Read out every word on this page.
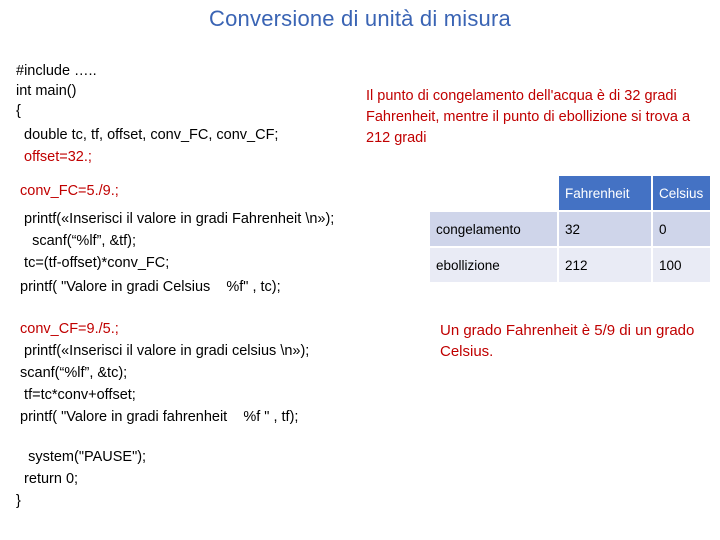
Conversione di unità di misura
#include …..
int main()
{
double tc, tf, offset, conv_FC, conv_CF;
offset=32.;
conv_FC=5./9.;
printf(«Inserisci il valore in gradi Fahrenheit \n»);
scanf(“%lf”, &tf);
tc=(tf-offset)*conv_FC;
printf( "Valore in gradi Celsius    %f" , tc);
conv_CF=9./5.;
printf(«Inserisci il valore in gradi celsius \n»);
scanf(“%lf”, &tc);
tf=tc*conv+offset;
printf( "Valore in gradi fahrenheit    %f " , tf);
system("PAUSE");
return 0;
}
Il punto di congelamento dell'acqua è di 32 gradi Fahrenheit, mentre il punto di ebollizione si trova a 212 gradi
	Fahrenheit	Celsius
congelamento	32	0
ebollizione	212	100
Un grado Fahrenheit è 5/9 di un grado Celsius.
